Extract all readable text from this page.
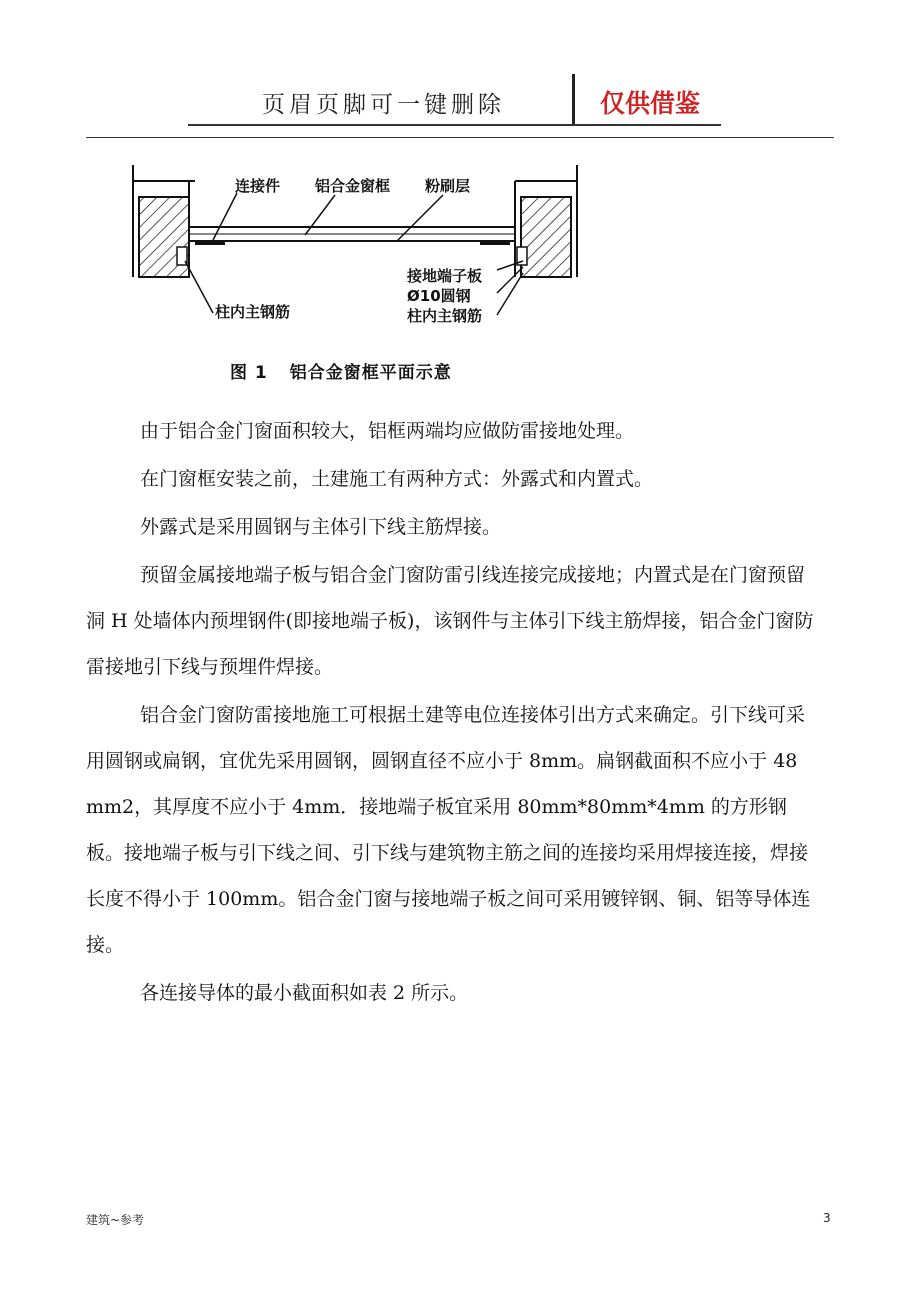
页眉页脚可一键删除	仅供借鉴
连接件 铝合金窗框 粉刷层
接地端子板
Ø10圆钢
柱内主钢筋
柱内主钢筋
图 1 铝合金窗框平面示意

由于铝合金门窗面积较大，铝框两端均应做防雷接地处理。

在门窗框安装之前，土建施工有两种方式：外露式和内置式。

外露式是采用圆钢与主体引下线主筋焊接。

预留金属接地端子板与铝合金门窗防雷引线连接完成接地；内置式是在门窗预留洞 H 处墙体内预埋钢件(即接地端子板)，该钢件与主体引下线主筋焊接，铝合金门窗防雷接地引下线与预埋件焊接。

铝合金门窗防雷接地施工可根据土建等电位连接体引出方式来确定。引下线可采用圆钢或扁钢，宜优先采用圆钢，圆钢直径不应小于 8mm。扁钢截面积不应小于 48 mm2，其厚度不应小于 4mm．接地端子板宜采用 80mm*80mm*4mm 的方形钢板。接地端子板与引下线之间、引下线与建筑物主筋之间的连接均采用焊接连接，焊接长度不得小于 100mm。铝合金门窗与接地端子板之间可采用镀锌钢、铜、铝等导体连接。

各连接导体的最小截面积如表 2 所示。

建筑~参考	3
